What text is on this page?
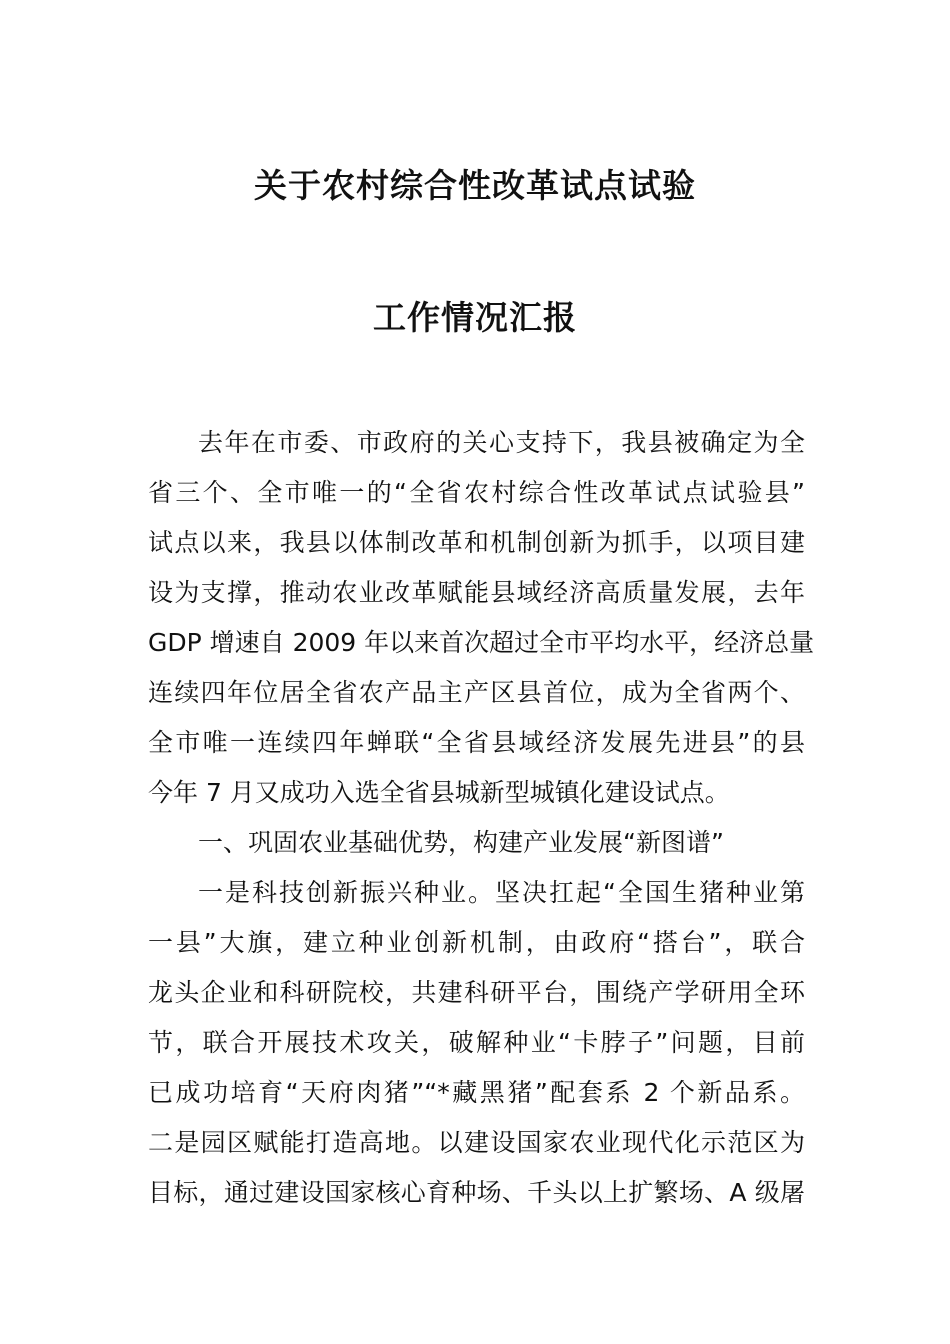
关于农村综合性改革试点试验
工作情况汇报
去年在市委、市政府的关心支持下，我县被确定为全
省三个、全市唯一的“全省农村综合性改革试点试验县”
试点以来，我县以体制改革和机制创新为抓手，以项目建
设为支撑，推动农业改革赋能县域经济高质量发展，去年
GDP 增速自 2009 年以来首次超过全市平均水平，经济总量
连续四年位居全省农产品主产区县首位，成为全省两个、
全市唯一连续四年蝉联“全省县域经济发展先进县”的县
今年 7 月又成功入选全省县城新型城镇化建设试点。
一、巩固农业基础优势，构建产业发展“新图谱”
一是科技创新振兴种业。坚决扛起“全国生猪种业第
一县”大旗，建立种业创新机制，由政府“搭台”，联合
龙头企业和科研院校，共建科研平台，围绕产学研用全环
节，联合开展技术攻关，破解种业“卡脖子”问题，目前
已成功培育“天府肉猪”“*藏黑猪”配套系 2 个新品系。
二是园区赋能打造高地。以建设国家农业现代化示范区为
目标，通过建设国家核心育种场、千头以上扩繁场、A 级屠
